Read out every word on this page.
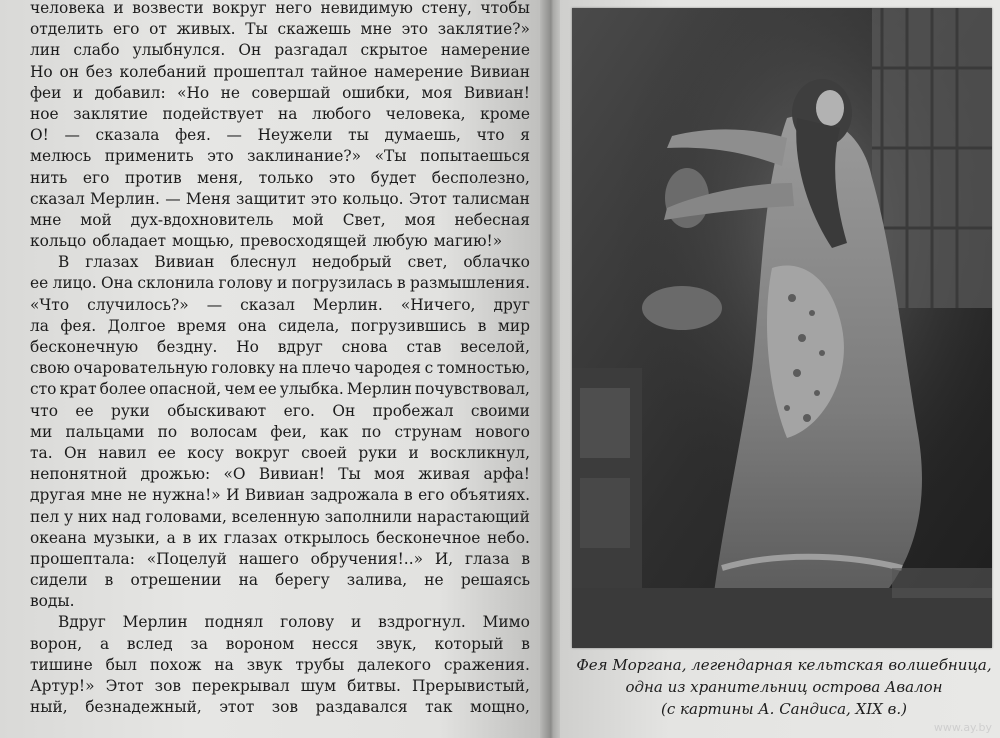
человека и возвести вокруг него невидимую стену, чтобы
отделить его от живых. Ты скажешь мне это заклятие?»
лин слабо улыбнулся. Он разгадал скрытое намерение
Но он без колебаний прошептал тайное намерение Вивиан
феи и добавил: «Но не совершай ошибки, моя Вивиан!
ное заклятие подействует на любого человека, кроме
О! — сказала фея. — Неужели ты думаешь, что я
мелюсь применить это заклинание?» «Ты попытаешься
нить его против меня, только это будет бесполезно,
сказал Мерлин. — Меня защитит это кольцо. Этот талисман
мне мой дух-вдохновитель мой Свет, моя небесная
кольцо обладает мощью, превосходящей любую магию!»
В глазах Вивиан блеснул недобрый свет, облачко
ее лицо. Она склонила голову и погрузилась в размышления.
«Что случилось?» — сказал Мерлин. «Ничего, друг
ла фея. Долгое время она сидела, погрузившись в мир
бесконечную бездну. Но вдруг снова став веселой,
свою очаровательную головку на плечо чародея с томностью,
сто крат более опасной, чем ее улыбка. Мерлин почувствовал,
что ее руки обыскивают его. Он пробежал своими
ми пальцами по волосам феи, как по струнам нового
та. Он навил ее косу вокруг своей руки и воскликнул,
непонятной дрожью: «О Вивиан! Ты моя живая арфа!
другая мне не нужна!» И Вивиан задрожала в его объятиях.
пел у них над головами, вселенную заполнили нарастающий
океана музыки, а в их глазах открылось бесконечное небо.
прошептала: «Поцелуй нашего обручения!..» И, глаза в
сидели в отрешении на берегу залива, не решаясь
воды.
Вдруг Мерлин поднял голову и вздрогнул. Мимо
ворон, а вслед за вороном несся звук, который в
тишине был похож на звук трубы далекого сражения.
Артур!» Этот зов перекрывал шум битвы. Прерывистый,
ный, безнадежный, этот зов раздавался так мощно,
Фея Моргана, легендарная кельтская волшебница,
одна из хранительниц острова Авалон
(с картины А. Сандиса, XIX в.)
www.ay.by
